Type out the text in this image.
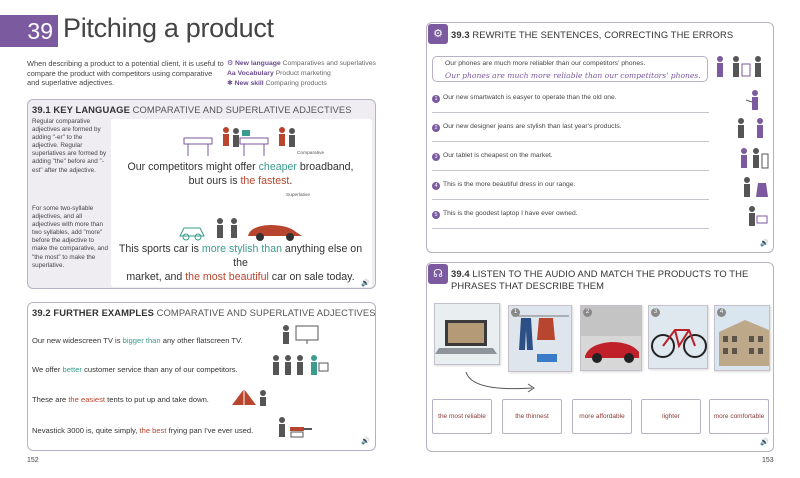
39 Pitching a product
When describing a product to a potential client, it is useful to compare the product with competitors using comparative and superlative adjectives.
⚙ New language Comparatives and superlatives
Aa Vocabulary Product marketing
✱ New skill Comparing products
39.1 KEY LANGUAGE COMPARATIVE AND SUPERLATIVE ADJECTIVES
Regular comparative adjectives are formed by adding "-er" to the adjective. Regular superlatives are formed by adding "the" before and "-est" after the adjective.
For some two-syllable adjectives, and all adjectives with more than two syllables, add "more" before the adjective to make the comparative, and "the most" to make the superlative.
Our competitors might offer cheaper broadband,
but ours is the fastest.
Comparative
Superlative
This sports car is more stylish than anything else on the
market, and the most beautiful car on sale today.
🔊
39.2 FURTHER EXAMPLES COMPARATIVE AND SUPERLATIVE ADJECTIVES
Our new widescreen TV is bigger than any other flatscreen TV.
We offer better customer service than any of our competitors.
These are the easiest tents to put up and take down.
Nevastick 3000 is, quite simply, the best frying pan I've ever used.
🔊
152
⚙ 39.3 REWRITE THE SENTENCES, CORRECTING THE ERRORS
Our phones are much more reliabler than our competitors' phones.
Our phones are much more reliable than our competitors' phones.
1 Our new smartwatch is easyer to operate than the old one.
2 Our new designer jeans are stylish than last year's products.
3 Our tablet is cheapest on the market.
4 This is the more beautiful dress in our range.
5 This is the goodest laptop I have ever owned.
🔊
☊ 39.4 LISTEN TO THE AUDIO AND MATCH THE PRODUCTS TO THE PHRASES THAT DESCRIBE THEM
1	2	3	4
the most reliable	the thinnest	more affordable	lighter	more comfortable
🔊
153
